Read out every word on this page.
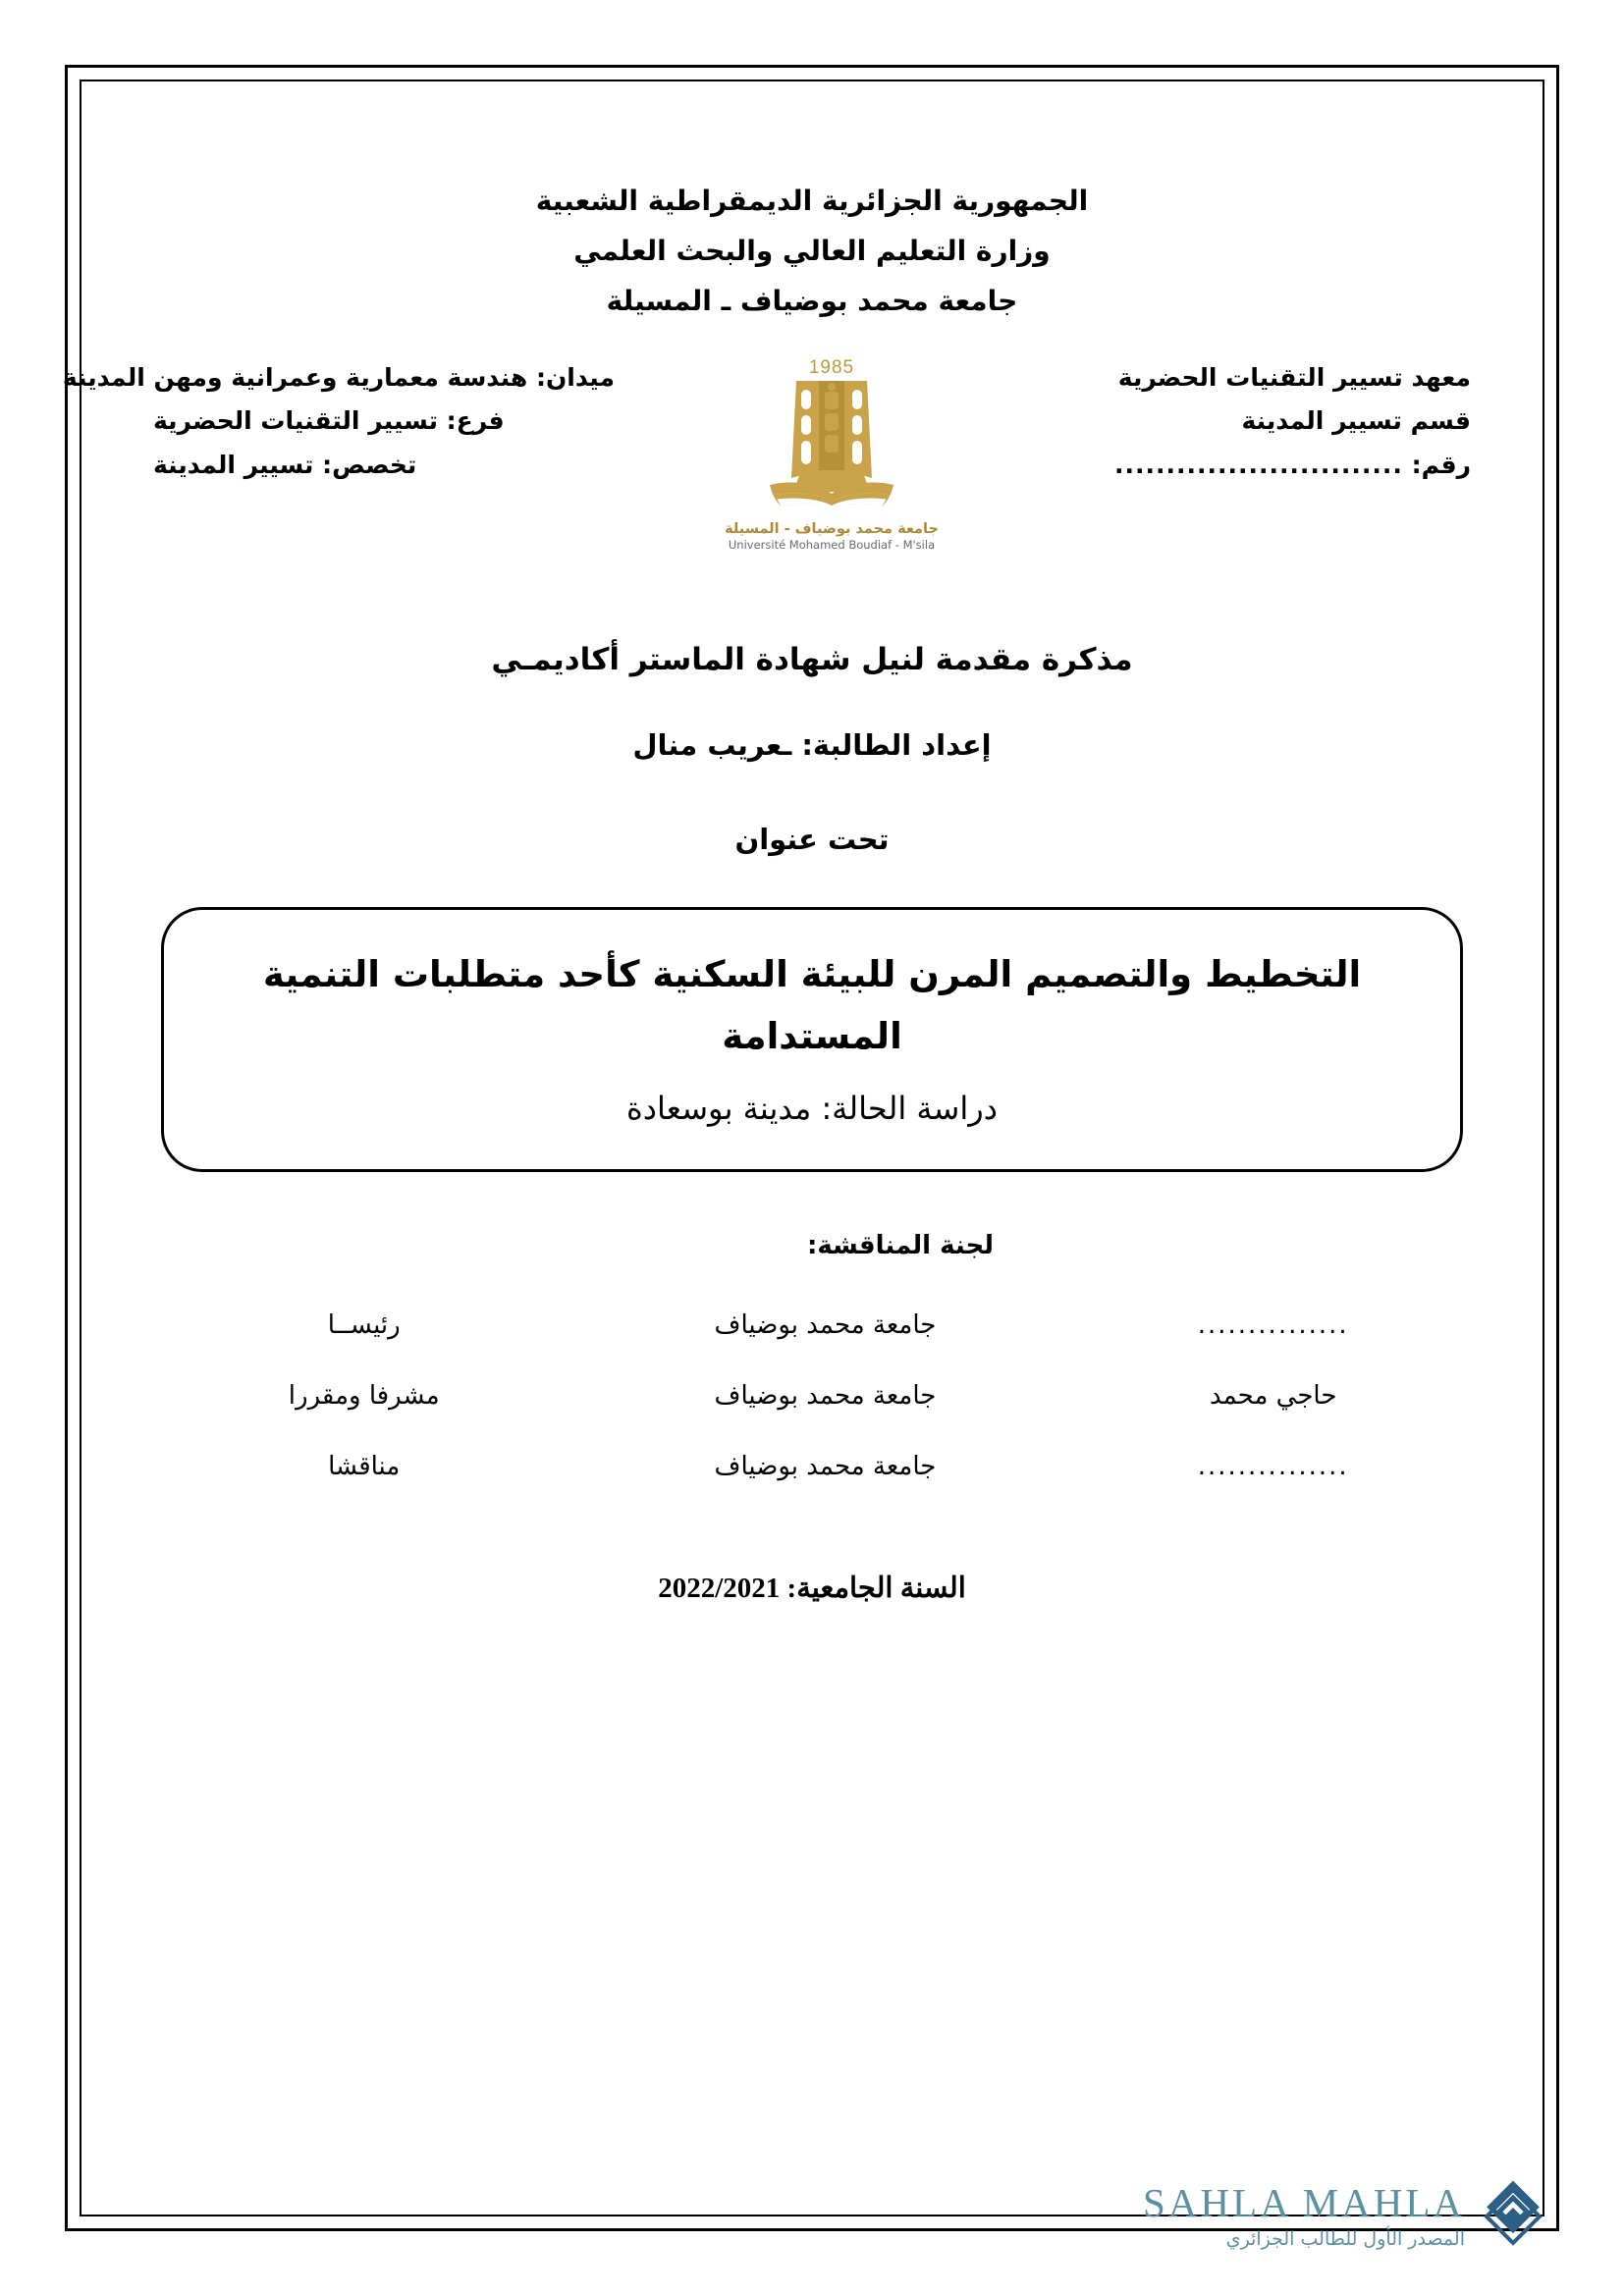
الجمهورية الجزائرية الديمقراطية الشعبية
وزارة التعليم العالي والبحث العلمي
جامعة محمد بوضياف ـ المسيلة
معهد تسيير التقنيات الحضرية
قسم تسيير المدينة
رقم: ............................
1985
جامعة محمد بوضياف - المسيلة
Université Mohamed Boudiaf - M'sila
ميدان: هندسة معمارية وعمرانية ومهن المدينة
فرع: تسيير التقنيات الحضرية
تخصص: تسيير المدينة
مذكرة مقدمة لنيل شهادة الماستر أكاديمـي
إعداد الطالبة: ـعريب منال
تحت عنوان
التخطيط والتصميم المرن للبيئة السكنية كأحد متطلبات التنمية المستدامة
دراسة الحالة: مدينة بوسعادة
لجنة المناقشة:
...............	جامعة محمد بوضياف	رئيســا
حاجي محمد	جامعة محمد بوضياف	مشرفا ومقررا
...............	جامعة محمد بوضياف	مناقشا
السنة الجامعية: 2022/2021
SAHLA MAHLA
المصدر الأول للطالب الجزائري
